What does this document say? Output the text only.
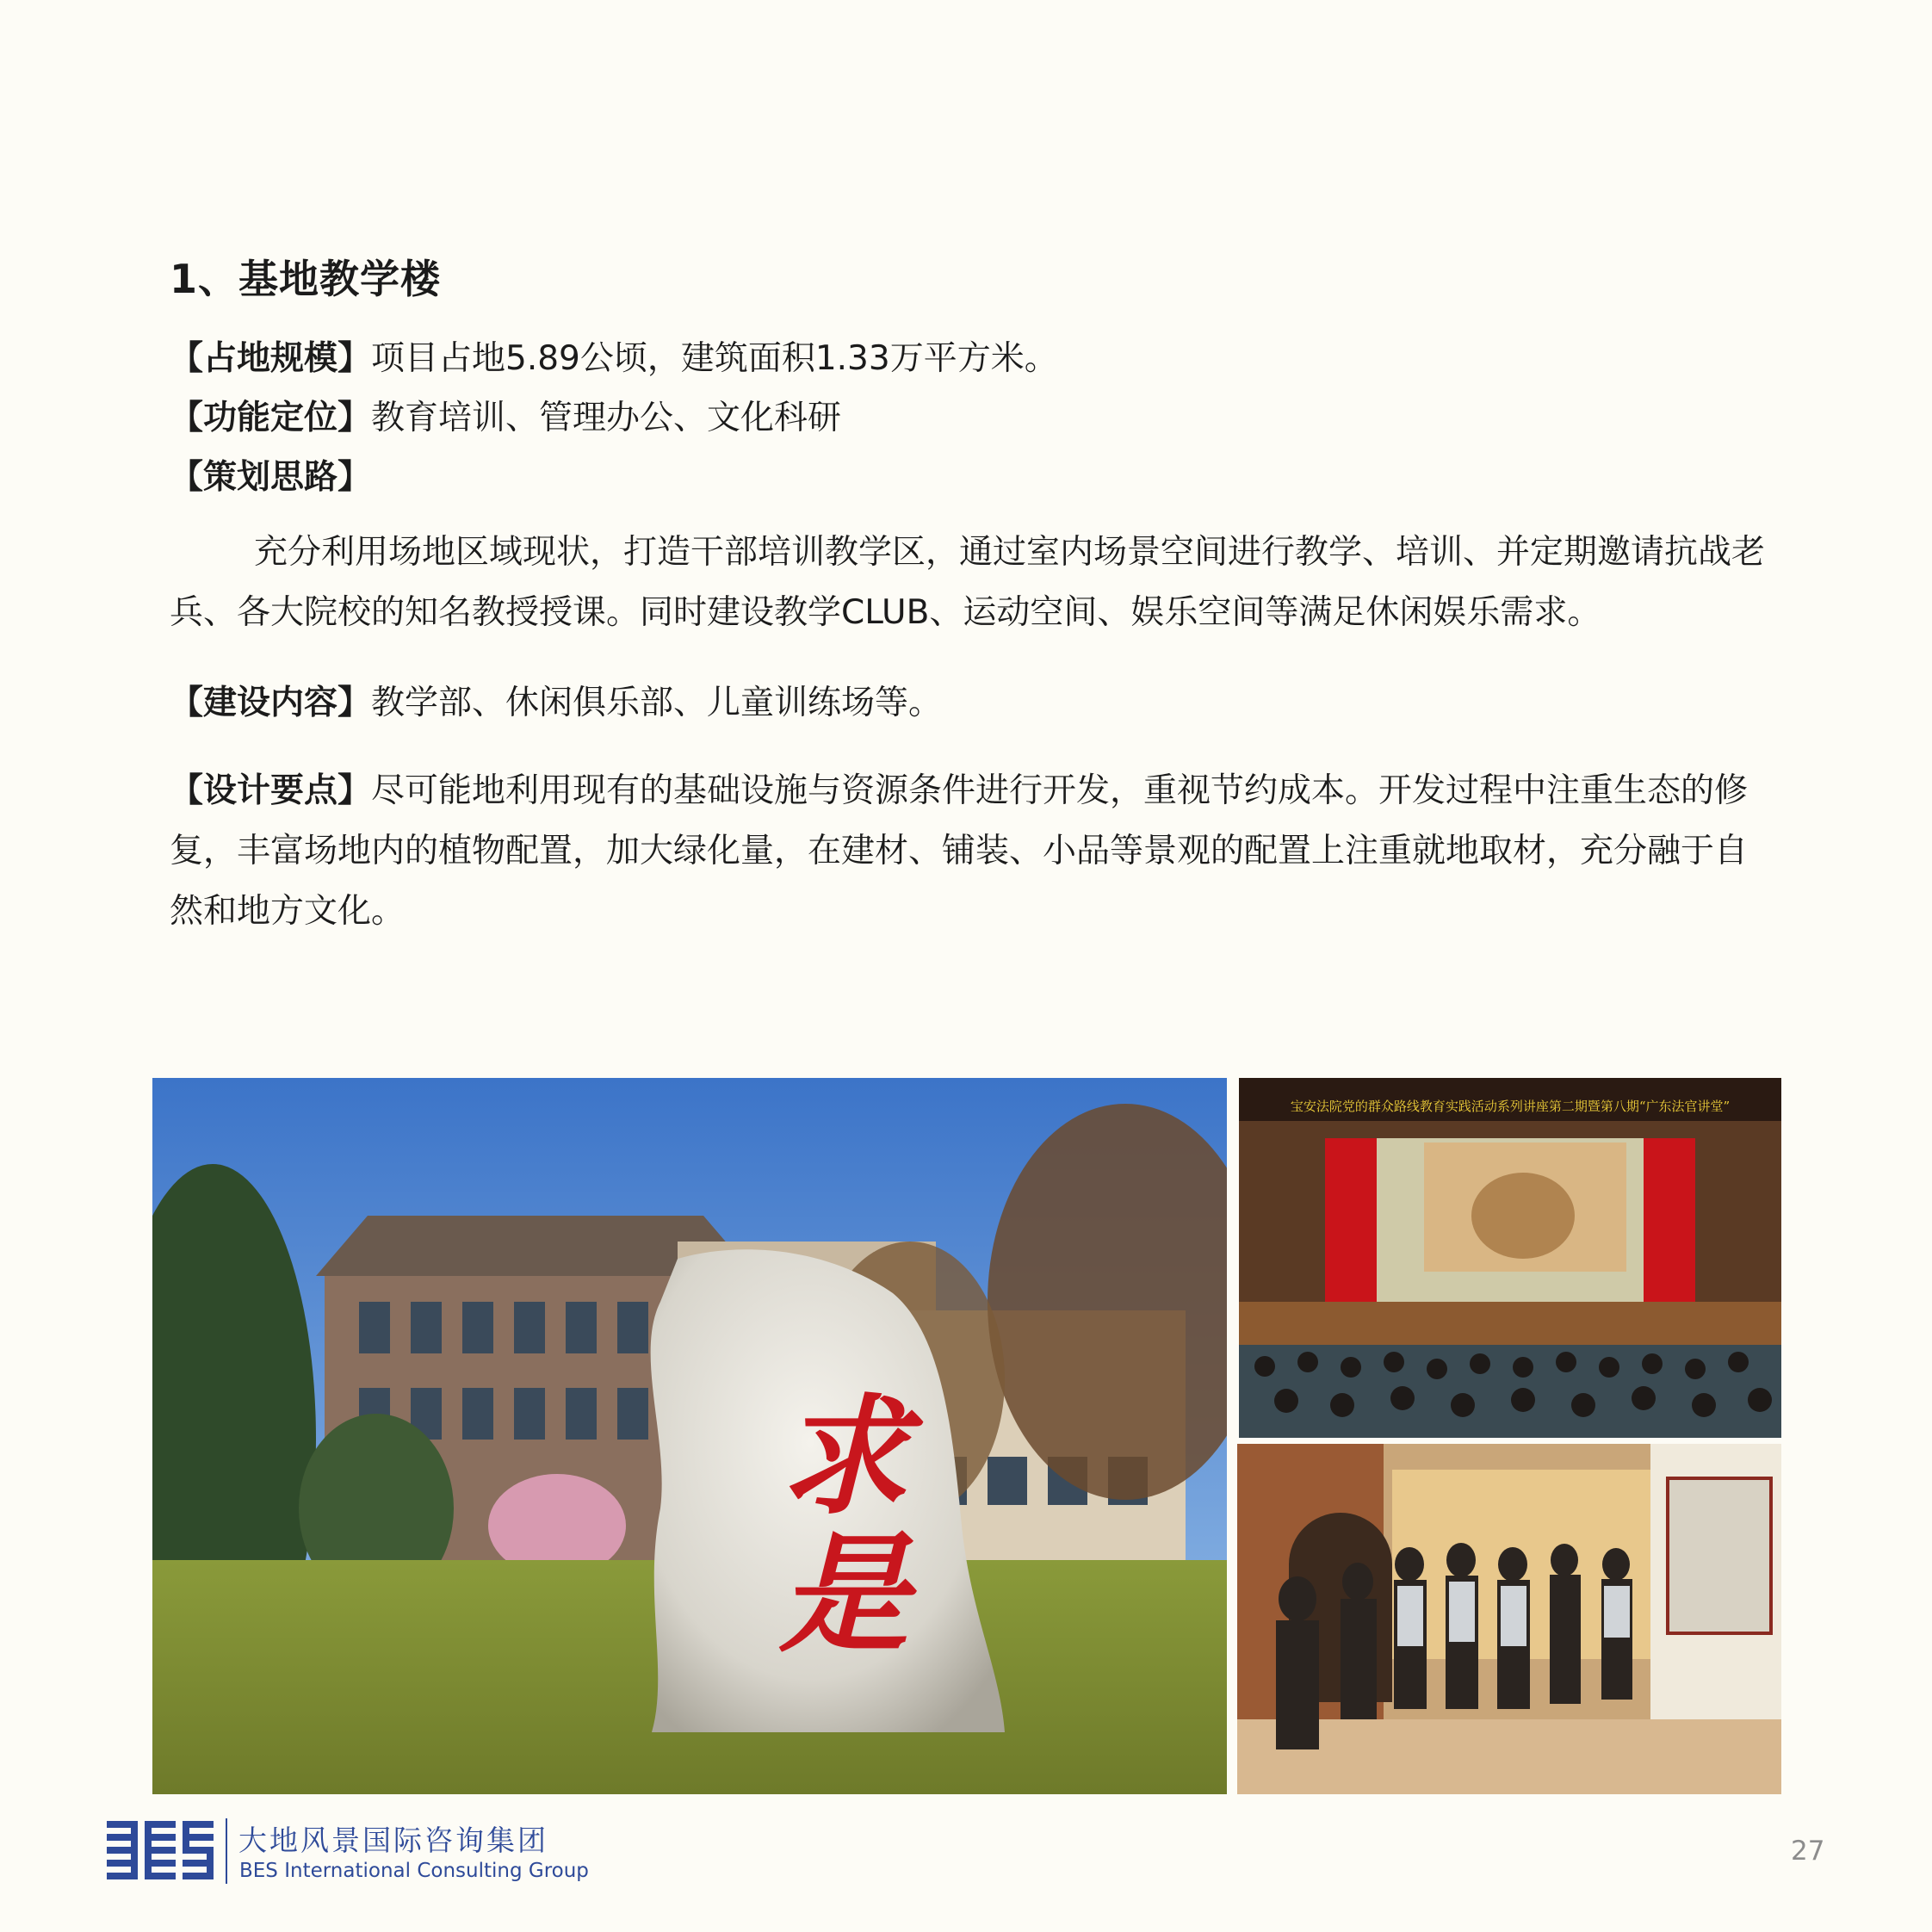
1、基地教学楼
【占地规模】项目占地5.89公顷，建筑面积1.33万平方米。
【功能定位】教育培训、管理办公、文化科研
【策划思路】
充分利用场地区域现状，打造干部培训教学区，通过室内场景空间进行教学、培训、并定期邀请抗战老兵、各大院校的知名教授授课。同时建设教学CLUB、运动空间、娱乐空间等满足休闲娱乐需求。
【建设内容】教学部、休闲俱乐部、儿童训练场等。
【设计要点】尽可能地利用现有的基础设施与资源条件进行开发，重视节约成本。开发过程中注重生态的修复，丰富场地内的植物配置，加大绿化量，在建材、铺装、小品等景观的配置上注重就地取材，充分融于自然和地方文化。
求是
宝安法院党的群众路线教育实践活动系列讲座第二期暨第八期“广东法官讲堂”
大地风景国际咨询集团
BES International Consulting Group
27
